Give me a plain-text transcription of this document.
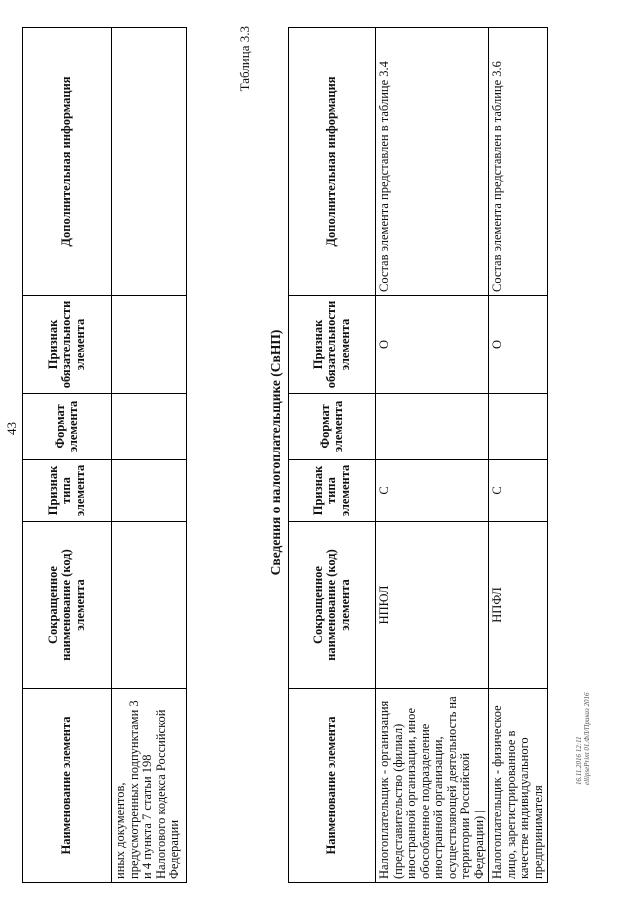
43
Наименование элемента	Сокращенное наименование (код) элемента	Признак типа элемента	Формат элемента	Признак обязательности элемента	Дополнительная информация
иных документов, предусмотренных подпунктами 3 и 4 пункта 7 статьи 198 Налогового кодекса Российской Федерации					
Таблица 3.3
Сведения о налогоплательщике (СвНП)
Наименование элемента	Сокращенное наименование (код) элемента	Признак типа элемента	Формат элемента	Признак обязательности элемента	Дополнительная информация
Налогоплательщик - организация (представительство (филиал) иностранной организации, иное обособленное подразделение иностранной организации, осуществляющей деятельность на территории Российской Федерации) |	НПЮЛ	С		О	Состав элемента представлен в таблице 3.4
Налогоплательщик - физическое лицо, зарегистрированное в качестве индивидуального предпринимателя	НПФЛ	С		О	Состав элемента представлен в таблице 3.6
16.11.2016 12:11 ellipsePrint 01.ФЛ/Приказ 2016
